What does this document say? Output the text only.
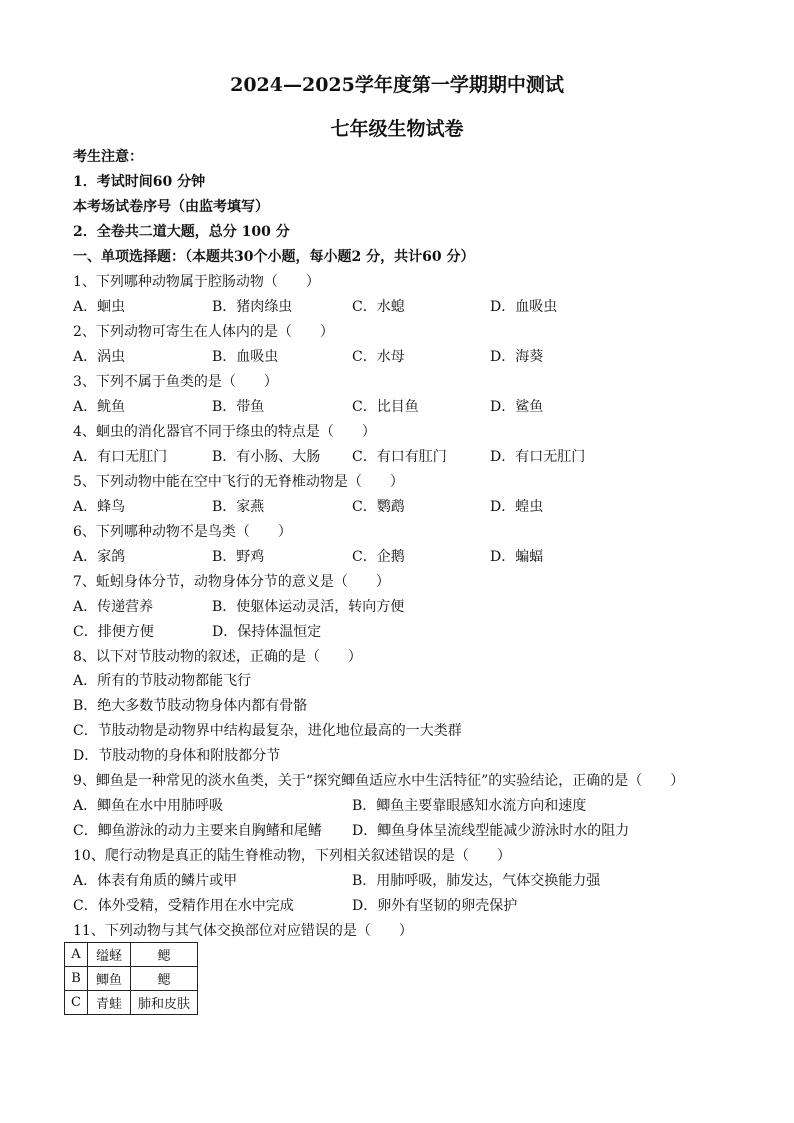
2024—2025学年度第一学期期中测试
七年级生物试卷
考生注意：
1．考试时间60 分钟
本考场试卷序号（由监考填写）
2．全卷共二道大题，总分 100 分
一、单项选择题：（本题共30个小题，每小题2 分，共计60 分）
1、下列哪种动物属于腔肠动物（　　）
A．蛔虫	B．猪肉绦虫	C．水螅	D．血吸虫
2、下列动物可寄生在人体内的是（　　）
A．涡虫	B．血吸虫	C．水母	D．海葵
3、下列不属于鱼类的是（　　）
A．鱿鱼	B．带鱼	C．比目鱼	D．鲨鱼
4、蛔虫的消化器官不同于绦虫的特点是（　　）
A．有口无肛门	B．有小肠、大肠 C．有口有肛门	D．有口无肛门
5、下列动物中能在空中飞行的无脊椎动物是（　　）
A．蜂鸟	B．家燕	C．鹦鹉	D．蝗虫
6、下列哪种动物不是鸟类（　　）
A．家鸽	B．野鸡	C．企鹅	D．蝙蝠
7、蚯蚓身体分节，动物身体分节的意义是（　　）
A．传递营养	B．使躯体运动灵活，转向方便
C．排便方便	D．保持体温恒定
8、以下对节肢动物的叙述，正确的是（　　）
A．所有的节肢动物都能飞行
B．绝大多数节肢动物身体内都有骨骼
C．节肢动物是动物界中结构最复杂，进化地位最高的一大类群
D．节肢动物的身体和附肢都分节
9、鲫鱼是一种常见的淡水鱼类，关于“探究鲫鱼适应水中生活特征”的实验结论，正确的是（　　）
A．鲫鱼在水中用肺呼吸	B．鲫鱼主要靠眼感知水流方向和速度
C．鲫鱼游泳的动力主要来自胸鳍和尾鳍 D．鲫鱼身体呈流线型能减少游泳时水的阻力
10、爬行动物是真正的陆生脊椎动物，下列相关叙述错误的是（　　）
A．体表有角质的鳞片或甲	B．用肺呼吸，肺发达，气体交换能力强
C．体外受精，受精作用在水中完成	D．卵外有坚韧的卵壳保护
11、下列动物与其气体交换部位对应错误的是（　　）
A	缢蛏	鳃
B	鲫鱼	鳃
C	青蛙	肺和皮肤
